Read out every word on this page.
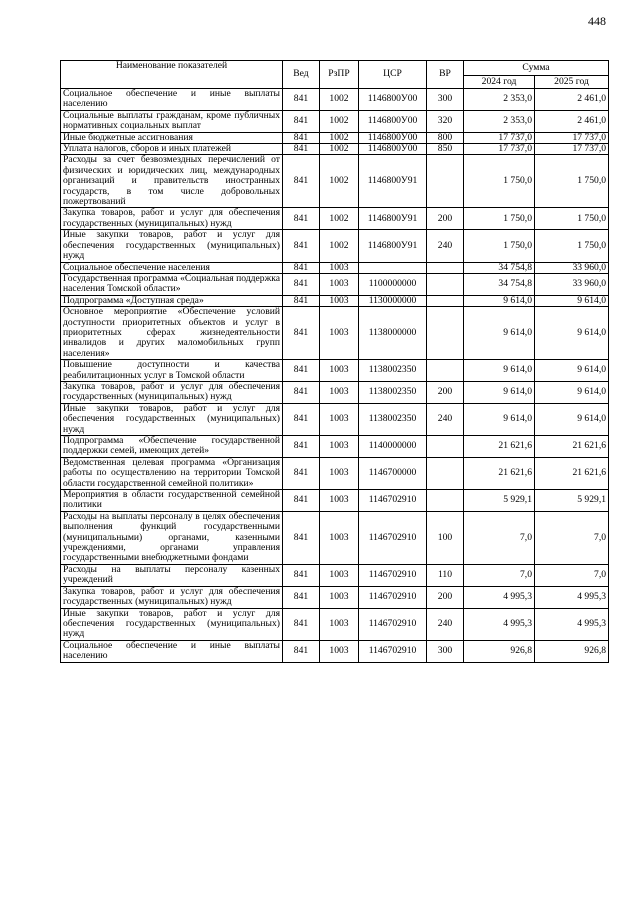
448
Наименование показателей	Вед	РзПР	ЦСР	ВР	Сумма	
					2024 год	2025 год
Социальное обеспечение и иные выплаты населению	841	1002	1146800У00	300	2 353,0	2 461,0
Социальные выплаты гражданам, кроме публичных нормативных социальных выплат	841	1002	1146800У00	320	2 353,0	2 461,0
Иные бюджетные ассигнования	841	1002	1146800У00	800	17 737,0	17 737,0
Уплата налогов, сборов и иных платежей	841	1002	1146800У00	850	17 737,0	17 737,0
Расходы за счет безвозмездных перечислений от физических и юридических лиц, международных организаций и правительств иностранных государств, в том числе добровольных пожертвований	841	1002	1146800У91		1 750,0	1 750,0
Закупка товаров, работ и услуг для обеспечения государственных (муниципальных) нужд	841	1002	1146800У91	200	1 750,0	1 750,0
Иные закупки товаров, работ и услуг для обеспечения государственных (муниципальных) нужд	841	1002	1146800У91	240	1 750,0	1 750,0
Социальное обеспечение населения	841	1003			34 754,8	33 960,0
Государственная программа «Социальная поддержка населения Томской области»	841	1003	1100000000		34 754,8	33 960,0
Подпрограмма «Доступная среда»	841	1003	1130000000		9 614,0	9 614,0
Основное мероприятие «Обеспечение условий доступности приоритетных объектов и услуг в приоритетных сферах жизнедеятельности инвалидов и других маломобильных групп населения»	841	1003	1138000000		9 614,0	9 614,0
Повышение доступности и качества реабилитационных услуг в Томской области	841	1003	1138002350		9 614,0	9 614,0
Закупка товаров, работ и услуг для обеспечения государственных (муниципальных) нужд	841	1003	1138002350	200	9 614,0	9 614,0
Иные закупки товаров, работ и услуг для обеспечения государственных (муниципальных) нужд	841	1003	1138002350	240	9 614,0	9 614,0
Подпрограмма «Обеспечение государственной поддержки семей, имеющих детей»	841	1003	1140000000		21 621,6	21 621,6
Ведомственная целевая программа «Организация работы по осуществлению на территории Томской области государственной семейной политики»	841	1003	1146700000		21 621,6	21 621,6
Мероприятия в области государственной семейной политики	841	1003	1146702910		5 929,1	5 929,1
Расходы на выплаты персоналу в целях обеспечения выполнения функций государственными (муниципальными) органами, казенными учреждениями, органами управления государственными внебюджетными фондами	841	1003	1146702910	100	7,0	7,0
Расходы на выплаты персоналу казенных учреждений	841	1003	1146702910	110	7,0	7,0
Закупка товаров, работ и услуг для обеспечения государственных (муниципальных) нужд	841	1003	1146702910	200	4 995,3	4 995,3
Иные закупки товаров, работ и услуг для обеспечения государственных (муниципальных) нужд	841	1003	1146702910	240	4 995,3	4 995,3
Социальное обеспечение и иные выплаты населению	841	1003	1146702910	300	926,8	926,8
